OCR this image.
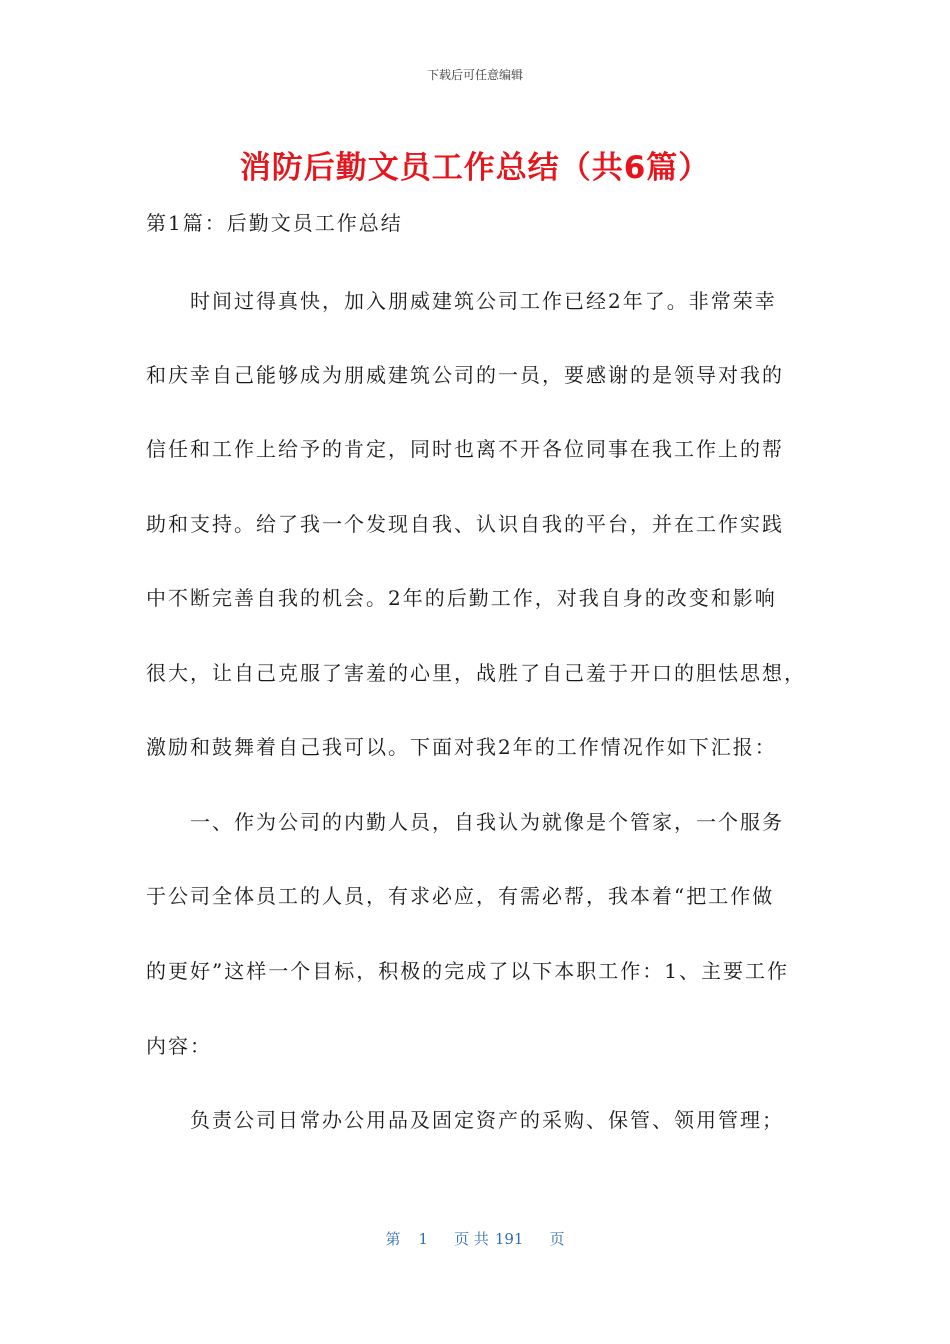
下载后可任意编辑
消防后勤文员工作总结（共6篇）
第1篇：后勤文员工作总结
　　时间过得真快，加入朋威建筑公司工作已经2年了。非常荣幸
和庆幸自己能够成为朋威建筑公司的一员，要感谢的是领导对我的
信任和工作上给予的肯定，同时也离不开各位同事在我工作上的帮
助和支持。给了我一个发现自我、认识自我的平台，并在工作实践
中不断完善自我的机会。2年的后勤工作，对我自身的改变和影响
很大，让自己克服了害羞的心里，战胜了自己羞于开口的胆怯思想，
激励和鼓舞着自己我可以。下面对我2年的工作情况作如下汇报：
　　一、作为公司的内勤人员，自我认为就像是个管家，一个服务
于公司全体员工的人员，有求必应，有需必帮，我本着“把工作做
的更好”这样一个目标，积极的完成了以下本职工作：1、主要工作
内容：
　　负责公司日常办公用品及固定资产的采购、保管、领用管理；
第 1 页 共 191 页
